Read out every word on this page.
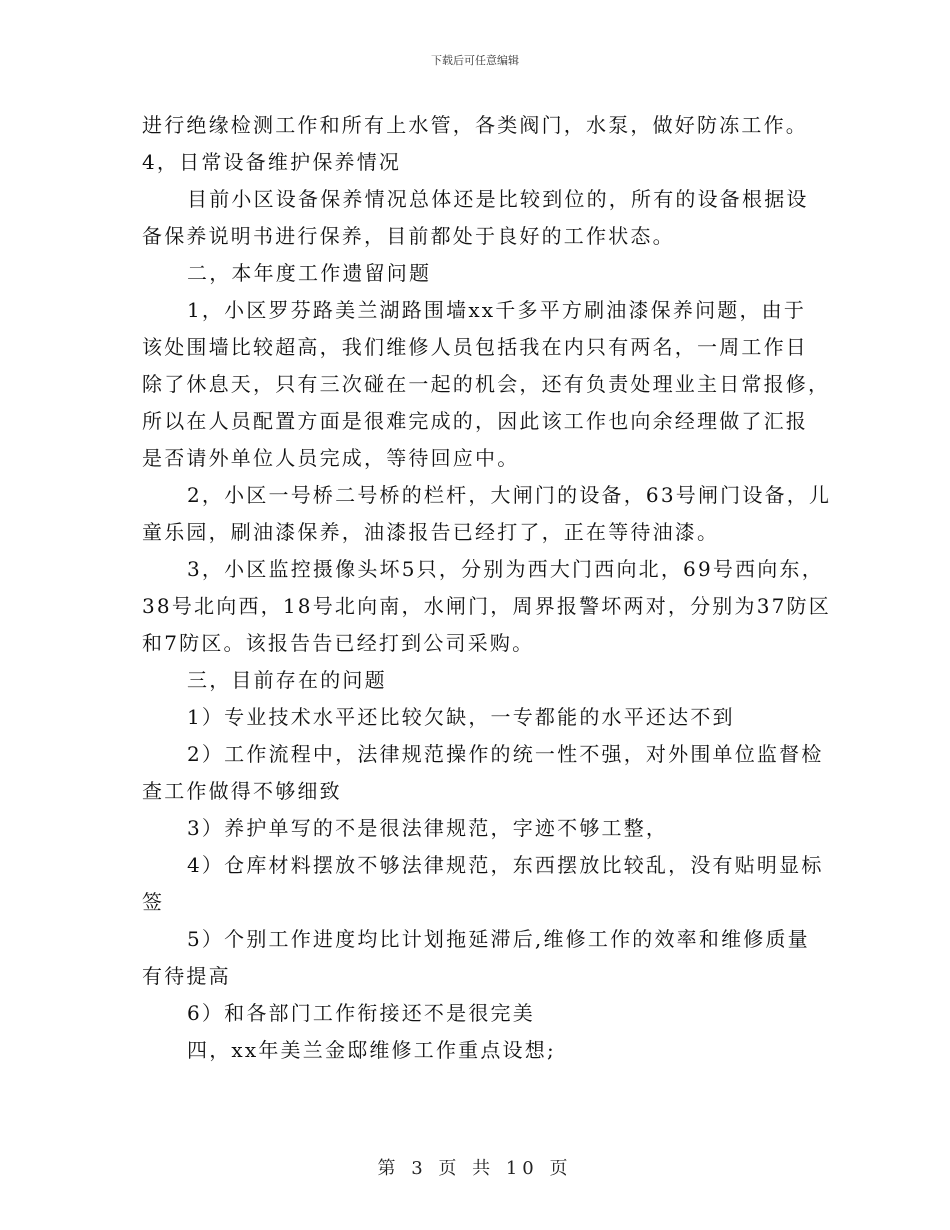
下载后可任意编辑
进行绝缘检测工作和所有上水管，各类阀门，水泵，做好防冻工作。
4，日常设备维护保养情况
目前小区设备保养情况总体还是比较到位的，所有的设备根据设
备保养说明书进行保养，目前都处于良好的工作状态。
二，本年度工作遗留问题
1，小区罗芬路美兰湖路围墙xx千多平方刷油漆保养问题，由于
该处围墙比较超高，我们维修人员包括我在内只有两名，一周工作日
除了休息天，只有三次碰在一起的机会，还有负责处理业主日常报修，
所以在人员配置方面是很难完成的，因此该工作也向余经理做了汇报
是否请外单位人员完成，等待回应中。
2，小区一号桥二号桥的栏杆，大闸门的设备，63号闸门设备，儿
童乐园，刷油漆保养，油漆报告已经打了，正在等待油漆。
3，小区监控摄像头坏5只，分别为西大门西向北，69号西向东，
38号北向西，18号北向南，水闸门，周界报警坏两对，分别为37防区
和7防区。该报告告已经打到公司采购。
三，目前存在的问题
1）专业技术水平还比较欠缺，一专都能的水平还达不到
2）工作流程中，法律规范操作的统一性不强，对外围单位监督检
查工作做得不够细致
3）养护单写的不是很法律规范，字迹不够工整，
4）仓库材料摆放不够法律规范，东西摆放比较乱，没有贴明显标
签
5）个别工作进度均比计划拖延滞后,维修工作的效率和维修质量
有待提高
6）和各部门工作衔接还不是很完美
四，xx年美兰金邸维修工作重点设想;
第 3 页 共 10 页
